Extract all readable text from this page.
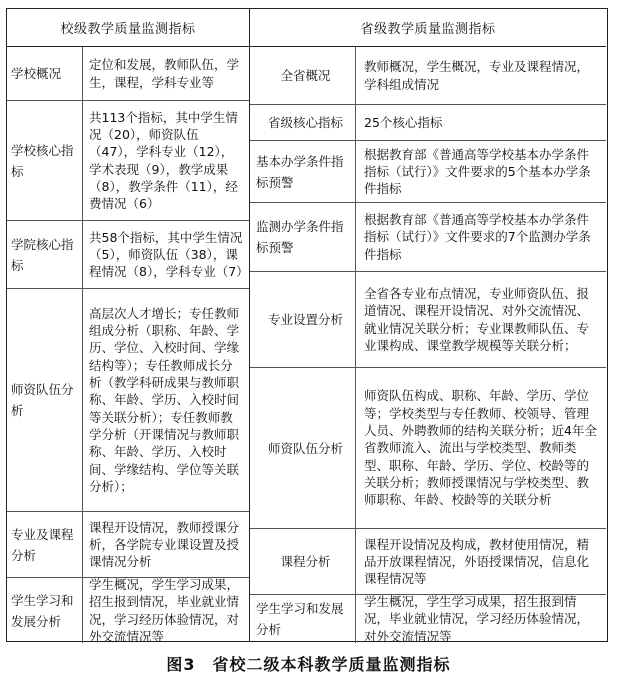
校级教学质量监测指标
学校概况
定位和发展，教师队伍，学生，课程，学科专业等
学校核心指标
共113个指标，其中学生情况（20），师资队伍（47），学科专业（12），学术表现（9），教学成果（8），教学条件（11），经费情况（6）
学院核心指标
共58个指标，其中学生情况（5），师资队伍（38），课程情况（8），学科专业（7）
师资队伍分析
高层次人才增长；专任教师组成分析（职称、年龄、学历、学位、入校时间、学缘结构等）；专任教师成长分析（教学科研成果与教师职称、年龄、学历、入校时间等关联分析）；专任教师教学分析（开课情况与教师职称、年龄、学历、入校时间、学缘结构、学位等关联分析）；
专业及课程分析
课程开设情况，教师授课分析，各学院专业课设置及授课情况分析
学生学习和发展分析
学生概况，学生学习成果，招生报到情况，毕业就业情况，学习经历体验情况，对外交流情况等
省级教学质量监测指标
全省概况
教师概况，学生概况，专业及课程情况，学科组成情况
省级核心指标 25个核心指标
基本办学条件指标预警
根据教育部《普通高等学校基本办学条件指标（试行）》文件要求的5个基本办学条件指标
监测办学条件指标预警
根据教育部《普通高等学校基本办学条件指标（试行）》文件要求的7个监测办学条件指标
专业设置分析
全省各专业布点情况，专业师资队伍、报道情况、课程开设情况、对外交流情况、就业情况关联分析；专业课教师队伍、专业课构成、课堂教学规模等关联分析；
师资队伍分析
师资队伍构成、职称、年龄、学历、学位等；学校类型与专任教师、校领导、管理人员、外聘教师的结构关联分析；近4年全省教师流入、流出与学校类型、教师类型、职称、年龄、学历、学位、校龄等的关联分析；教师授课情况与学校类型、教师职称、年龄、校龄等的关联分析
课程分析
课程开设情况及构成，教材使用情况，精品开放课程情况，外语授课情况，信息化课程情况等
学生学习和发展分析
学生概况，学生学习成果，招生报到情况，毕业就业情况，学习经历体验情况，对外交流情况等
图3　省校二级本科教学质量监测指标
